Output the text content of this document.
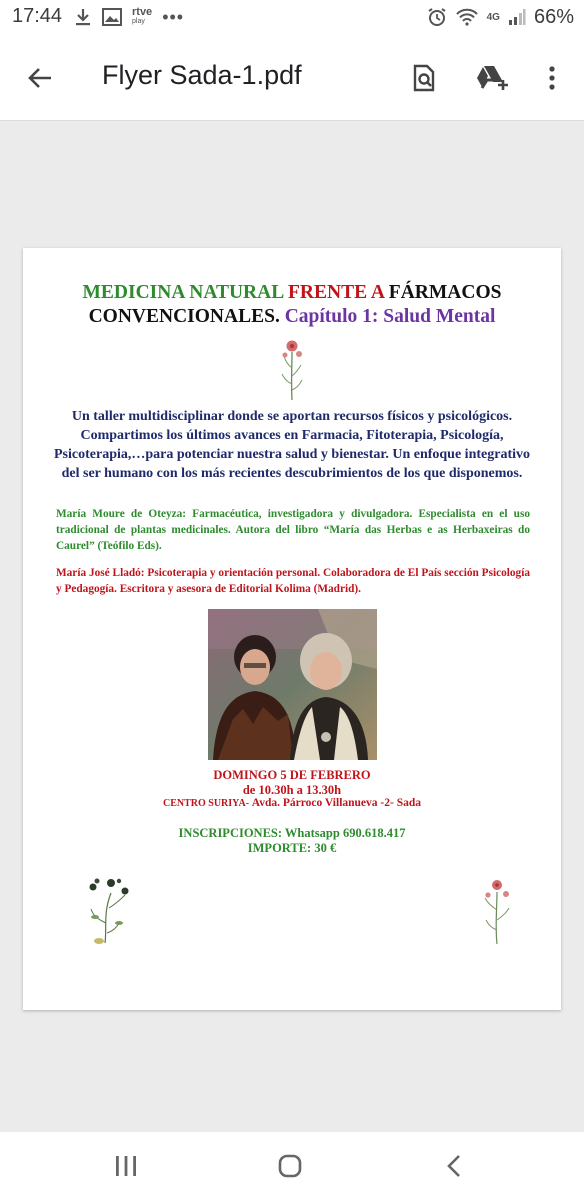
17:44	rtve
play •••	4G 66%
Flyer Sada-1.pdf
MEDICINA NATURAL FRENTE A FÁRMACOS
CONVENCIONALES. Capítulo 1: Salud Mental
Un taller multidisciplinar donde se aportan recursos físicos y psicológicos. Compartimos los últimos avances en Farmacia, Fitoterapia, Psicología, Psicoterapia,…para potenciar nuestra salud y bienestar. Un enfoque integrativo del ser humano con los más recientes descubrimientos de los que disponemos.
María Moure de Oteyza: Farmacéutica, investigadora y divulgadora. Especialista en el uso tradicional de plantas medicinales. Autora del libro “María das Herbas e as Herbaxeiras do Caurel” (Teófilo Eds).
María José Lladó: Psicoterapia y orientación personal. Colaboradora de El País sección Psicología y Pedagogía. Escritora y asesora de Editorial Kolima (Madrid).
DOMINGO 5 DE FEBRERO
de 10.30h a 13.30h
CENTRO SURIYA- Avda. Párroco Villanueva -2- Sada
INSCRIPCIONES: Whatsapp 690.618.417
IMPORTE: 30 €
